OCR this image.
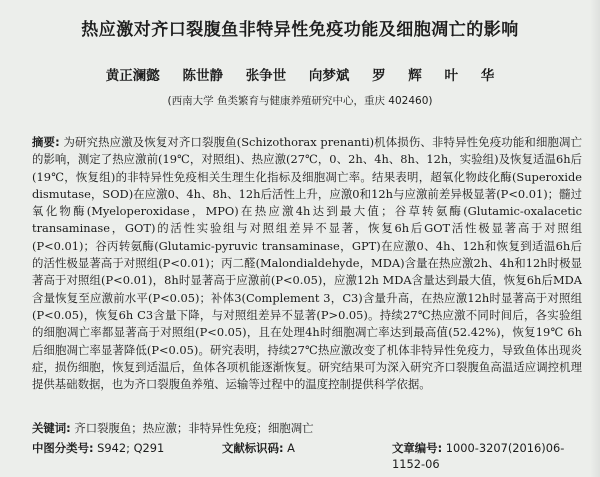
热应激对齐口裂腹鱼非特异性免疫功能及细胞凋亡的影响
黄正澜懿 陈世静 张争世 向梦斌 罗 辉 叶 华
(西南大学 鱼类繁育与健康养殖研究中心，重庆 402460)
摘要: 为研究热应激及恢复对齐口裂腹鱼(Schizothorax prenanti)机体损伤、非特异性免疫功能和细胞凋亡的影响，测定了热应激前(19℃，对照组)、热应激(27℃，0、2h、4h、8h、12h，实验组)及恢复适温6h后(19℃，恢复组)的非特异性免疫相关生理生化指标及细胞凋亡率。结果表明，超氧化物歧化酶(Superoxide dismutase，SOD)在应激0、4h、8h、12h后活性上升，应激0和12h与应激前差异极显著(P<0.01)；髓过氧化物酶(Myeloperoxidase，MPO)在热应激4h达到最大值；谷草转氨酶(Glutamic-oxalacetic transaminase，GOT)的活性实验组与对照组差异不显著，恢复6h后GOT活性极显著高于对照组(P<0.01)；谷丙转氨酶(Glutamic-pyruvic transaminase，GPT)在应激0、4h、12h和恢复到适温6h后的活性极显著高于对照组(P<0.01)；丙二醛(Malondialdehyde，MDA)含量在热应激2h、4h和12h时极显著高于对照组(P<0.01)，8h时显著高于应激前(P<0.05)，应激12h MDA含量达到最大值，恢复6h后MDA含量恢复至应激前水平(P<0.05)；补体3(Complement 3，C3)含量升高，在热应激12h时显著高于对照组(P<0.05)，恢复6h C3含量下降，与对照组差异不显著(P>0.05)。持续27℃热应激不同时间后，各实验组的细胞凋亡率都显著高于对照组(P<0.05)，且在处理4h时细胞凋亡率达到最高值(52.42%)，恢复19℃ 6h后细胞凋亡率显著降低(P<0.05)。研究表明，持续27℃热应激改变了机体非特异性免疫力，导致鱼体出现炎症，损伤细胞，恢复到适温后，鱼体各项机能逐渐恢复。研究结果可为深入研究齐口裂腹鱼高温适应调控机理提供基础数据，也为齐口裂腹鱼养殖、运输等过程中的温度控制提供科学依据。
关键词: 齐口裂腹鱼；热应激；非特异性免疫；细胞凋亡
中图分类号: S942; Q291	文献标识码: A	文章编号: 1000-3207(2016)06-1152-06
